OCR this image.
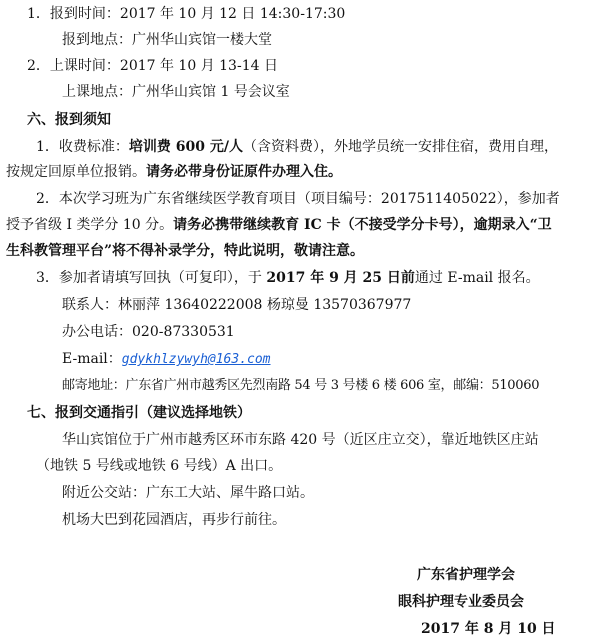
1．报到时间：2017 年 10 月 12 日 14:30-17:30
报到地点：广州华山宾馆一楼大堂
2．上课时间：2017 年 10 月 13-14 日
上课地点：广州华山宾馆 1 号会议室
六、报到须知
1．收费标准：培训费 600 元/人（含资料费），外地学员统一安排住宿，费用自理，
按规定回原单位报销。请务必带身份证原件办理入住。
2．本次学习班为广东省继续医学教育项目（项目编号：2017511405022），参加者
授予省级 I 类学分 10 分。请务必携带继续教育 IC 卡（不接受学分卡号），逾期录入“卫
生科教管理平台”将不得补录学分，特此说明，敬请注意。
3．参加者请填写回执（可复印），于 2017 年 9 月 25 日前通过 E-mail 报名。
联系人：林丽萍 13640222008 杨琼曼 13570367977
办公电话：020-87330531
E-mail：gdykhlzywyh@163.com
邮寄地址：广东省广州市越秀区先烈南路 54 号 3 号楼 6 楼 606 室，邮编：510060
七、报到交通指引（建议选择地铁）
华山宾馆位于广州市越秀区环市东路 420 号（近区庄立交），靠近地铁区庄站
（地铁 5 号线或地铁 6 号线）A 出口。
附近公交站：广东工大站、犀牛路口站。
机场大巴到花园酒店，再步行前往。
广东省护理学会
眼科护理专业委员会
2017 年 8 月 10 日
